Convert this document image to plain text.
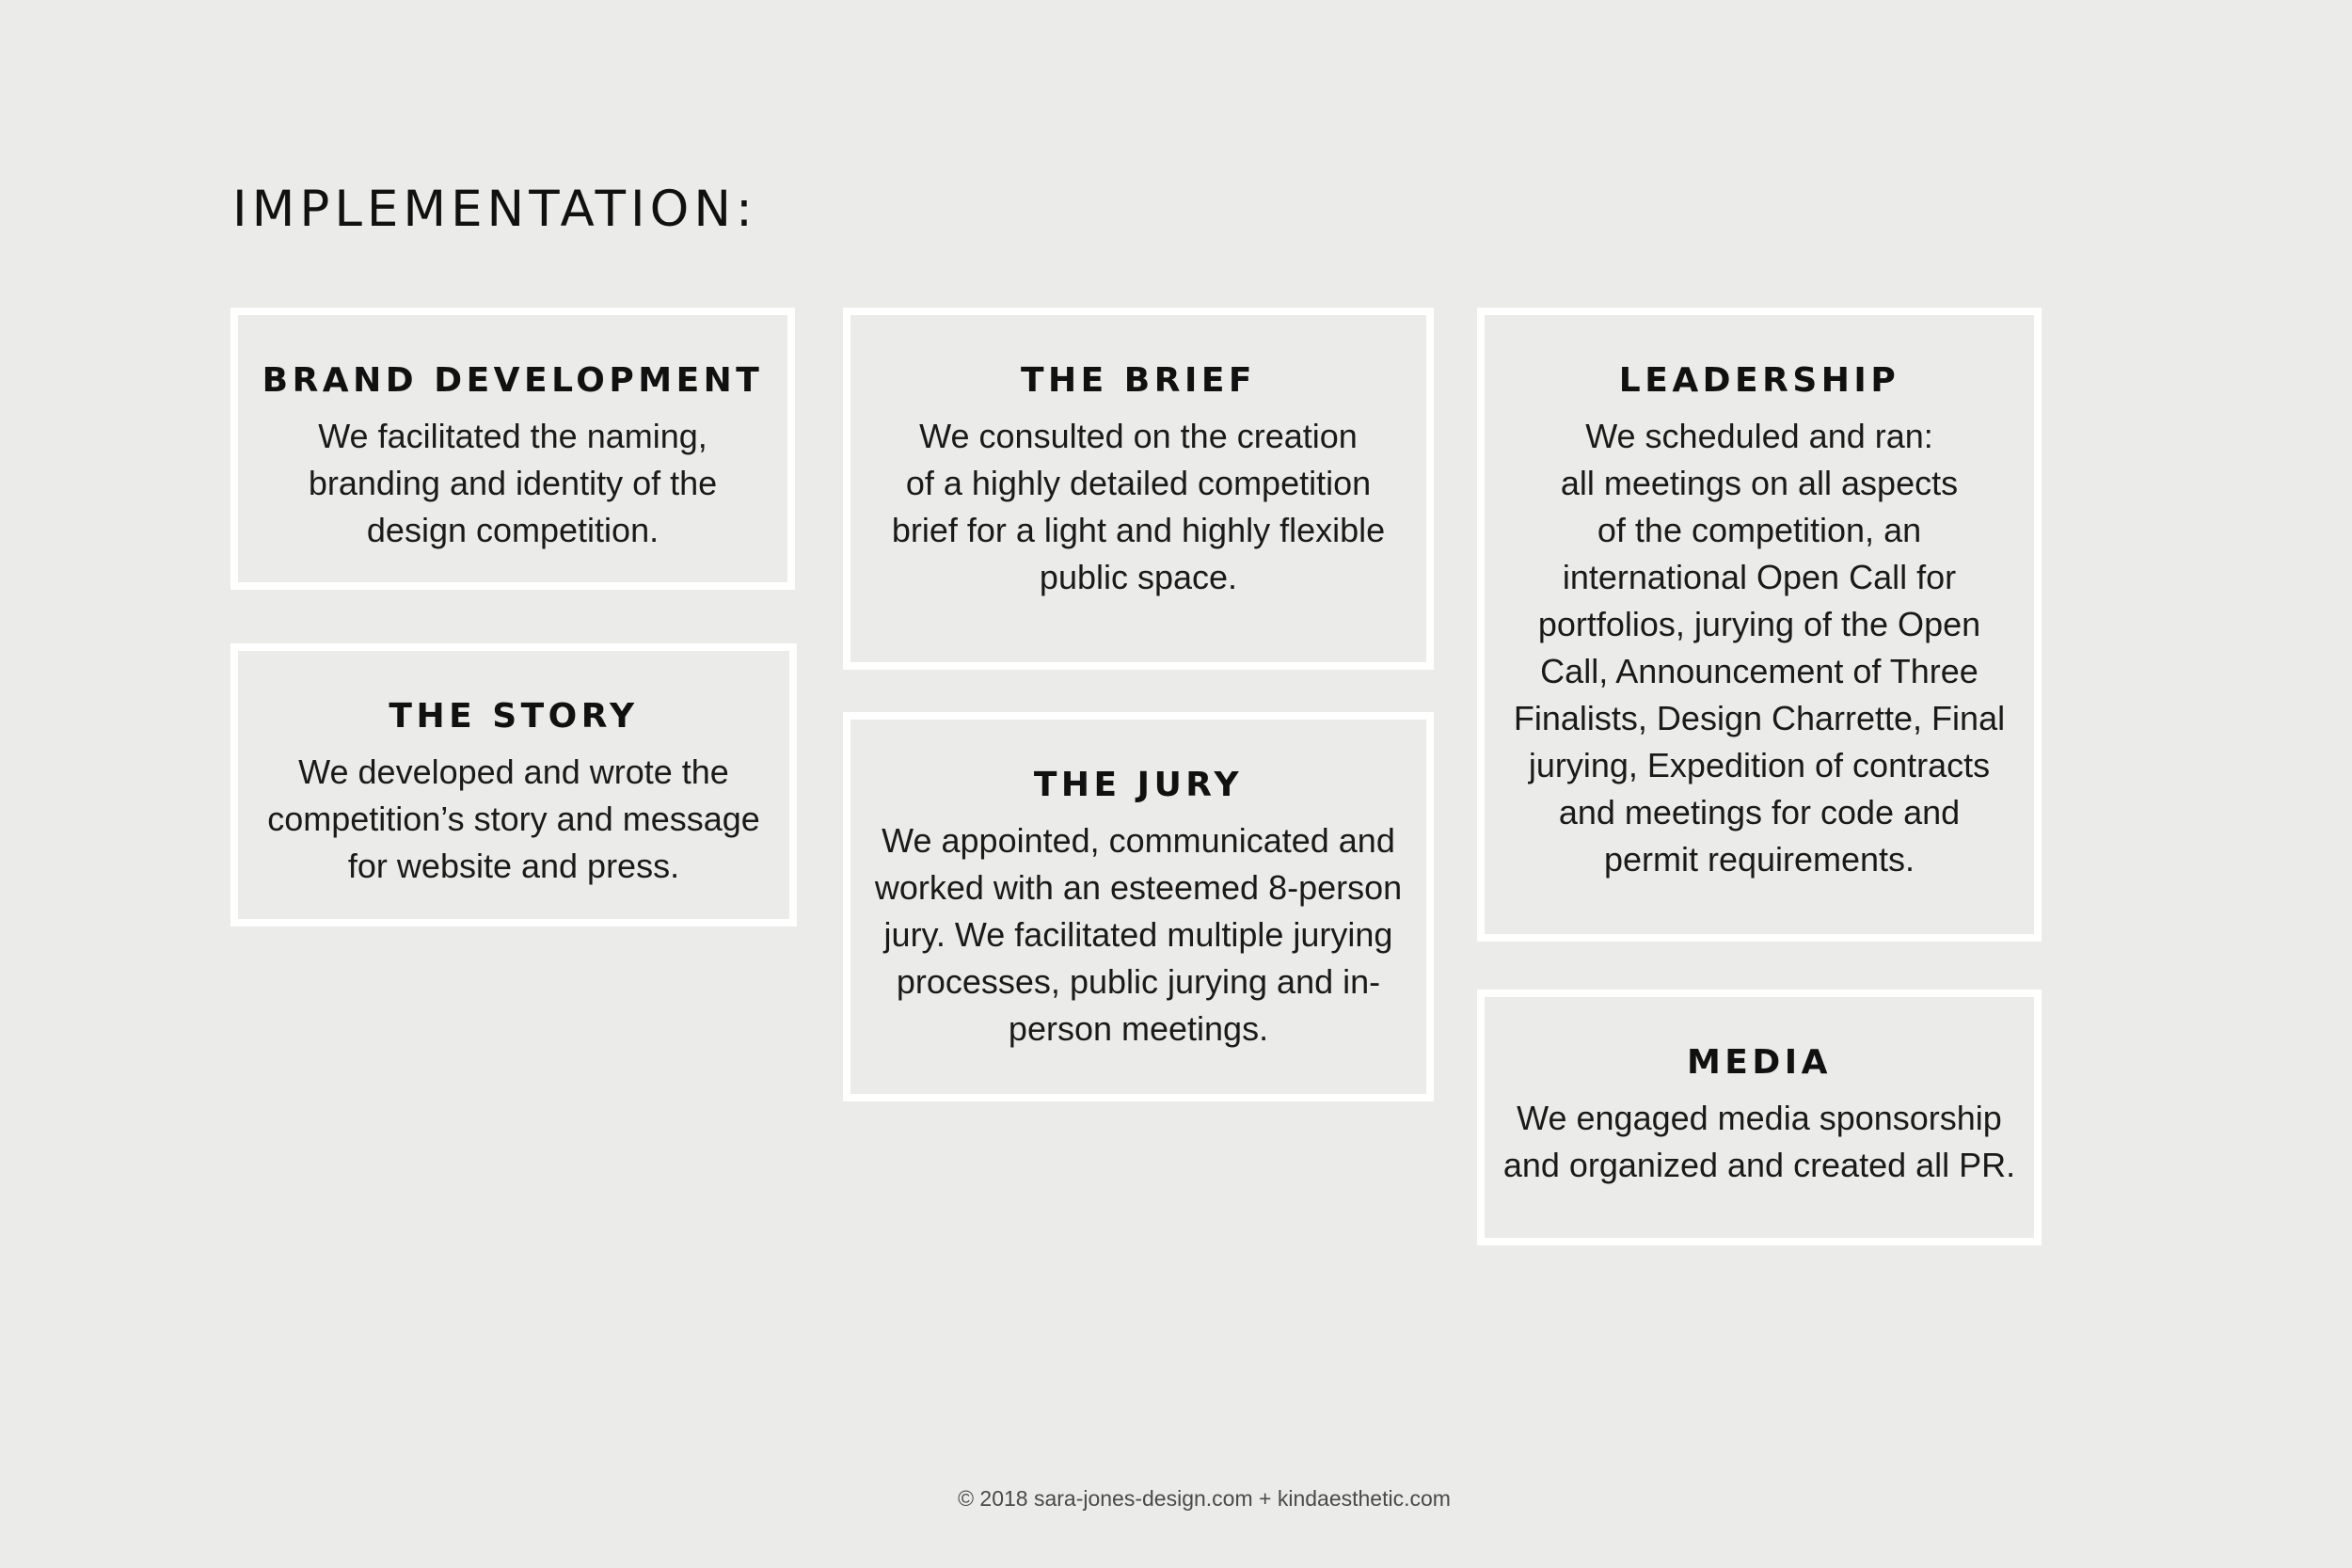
IMPLEMENTATION:
BRAND DEVELOPMENT

We facilitated the naming,
branding and identity of the
design competition.

THE STORY

We developed and wrote the
competition’s story and message
for website and press.

THE BRIEF

We consulted on the creation
of a highly detailed competition
brief for a light and highly flexible
public space.

THE JURY

We appointed, communicated and
worked with an esteemed 8-person
jury. We facilitated multiple jurying
processes, public jurying and in-
person meetings.

LEADERSHIP

We scheduled and ran:
all meetings on all aspects
of the competition, an
international Open Call for
portfolios, jurying of the Open
Call, Announcement of Three
Finalists, Design Charrette, Final
jurying, Expedition of contracts
and meetings for code and
permit requirements.

MEDIA

We engaged media sponsorship
and organized and created all PR.

© 2018 sara-jones-design.com + kindaesthetic.com
